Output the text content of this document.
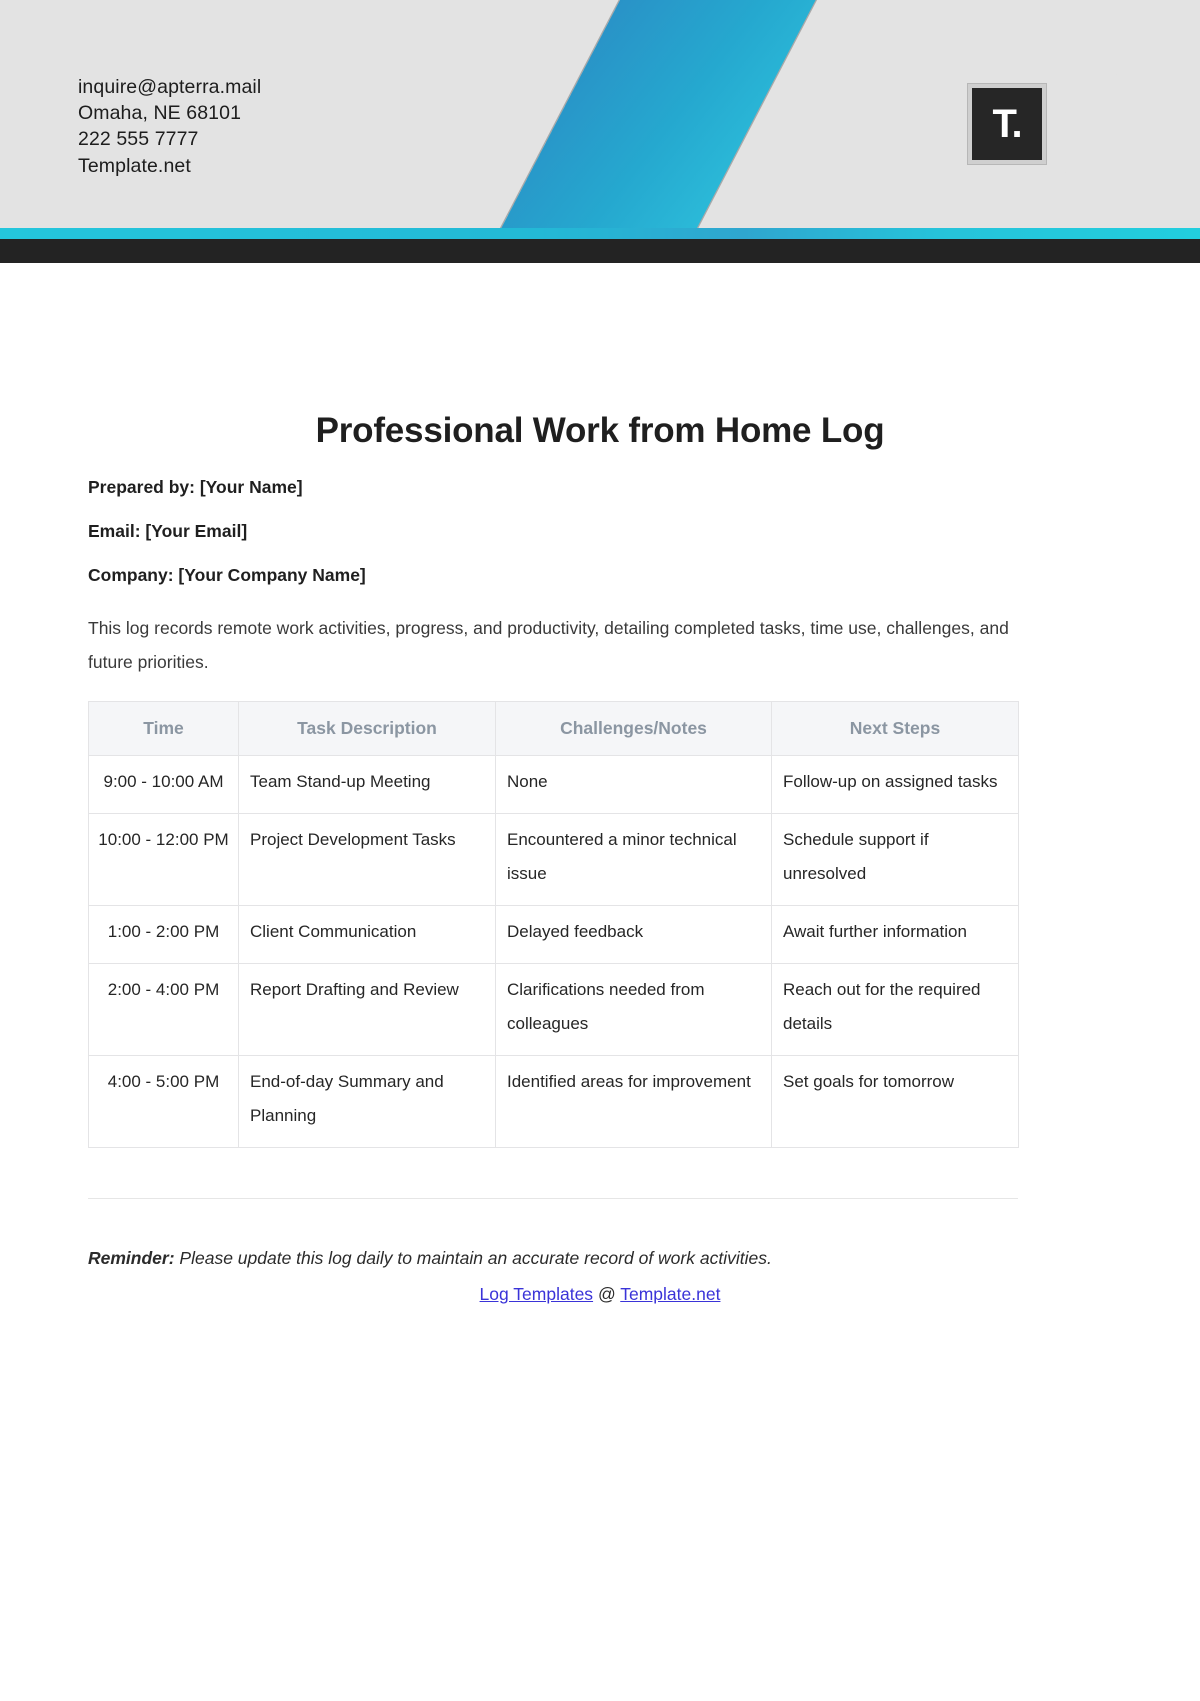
inquire@apterra.mail
Omaha, NE 68101
222 555 7777
Template.net
T.
Professional Work from Home Log
Prepared by: [Your Name]
Email: [Your Email]
Company: [Your Company Name]

This log records remote work activities, progress, and productivity, detailing completed tasks, time use, challenges, and future priorities.

Time	Task Description	Challenges/Notes	Next Steps
9:00 - 10:00 AM	Team Stand-up Meeting	None	Follow-up on assigned tasks
10:00 - 12:00 PM	Project Development Tasks	Encountered a minor technical issue	Schedule support if unresolved
1:00 - 2:00 PM	Client Communication	Delayed feedback	Await further information
2:00 - 4:00 PM	Report Drafting and Review	Clarifications needed from colleagues	Reach out for the required details
4:00 - 5:00 PM	End-of-day Summary and Planning	Identified areas for improvement	Set goals for tomorrow
Reminder: Please update this log daily to maintain an accurate record of work activities.
Log Templates @ Template.net
